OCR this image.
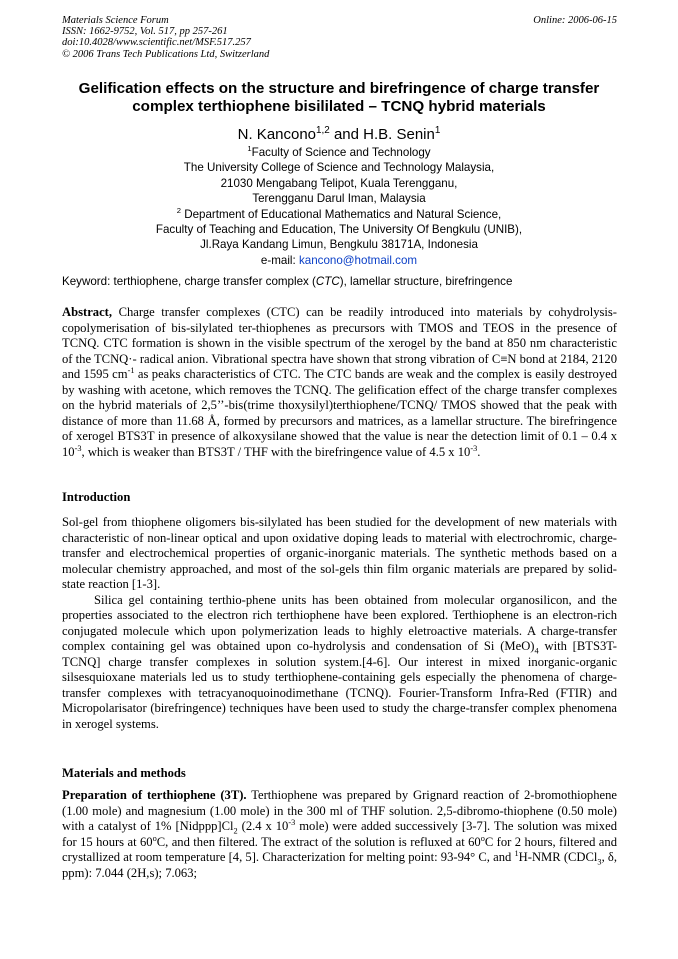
Materials Science Forum
ISSN: 1662-9752, Vol. 517, pp 257-261
doi:10.4028/www.scientific.net/MSF.517.257
© 2006 Trans Tech Publications Ltd, Switzerland
Online: 2006-06-15
Gelification effects on the structure and birefringence of charge transfer
complex terthiophene bisililated – TCNQ hybrid materials
N. Kancono$^{1,2}$ and H.B. Senin$^1$
$^1$Faculty of Science and Technology
The University College of Science and Technology Malaysia,
21030 Mengabang Telipot, Kuala Terengganu,
Terengganu Darul Iman, Malaysia
$^2$ Department of Educational Mathematics and Natural Science,
Faculty of Teaching and Education, The University Of Bengkulu (UNIB),
Jl.Raya Kandang Limun, Bengkulu 38171A, Indonesia
e-mail: kancono@hotmail.com
Keyword: terthiophene, charge transfer complex (CTC), lamellar structure, birefringence

Abstract, Charge transfer complexes (CTC) can be readily introduced into materials by cohydrolysis-copolymerisation of bis-silylated ter-thiophenes as precursors with TMOS and TEOS in the presence of TCNQ. CTC formation is shown in the visible spectrum of the xerogel by the band at 850 nm characteristic of the TCNQ·- radical anion. Vibrational spectra have shown that strong vibration of C≡N bond at 2184, 2120 and 1595 $cm^{-1}$ as peaks characteristics of CTC. The CTC bands are weak and the complex is easily destroyed by washing with acetone, which removes the TCNQ. The gelification effect of the charge transfer complexes on the hybrid materials of 2,5’’-bis(trime thoxysilyl)terthiophene/TCNQ/ TMOS showed that the peak with distance of more than 11.68 Å, formed by precursors and matrices, as a lamellar structure. The birefringence of xerogel BTS3T in presence of alkoxysilane showed that the value is near the detection limit of 0.1 – 0.4 x $10^{-3}$, which is weaker than BTS3T / THF with the birefringence value of 4.5 x $10^{-3}$.

Introduction

Sol-gel from thiophene oligomers bis-silylated has been studied for the development of new materials with characteristic of non-linear optical and upon oxidative doping leads to material with electrochromic, charge-transfer and electrochemical properties of organic-inorganic materials. The synthetic methods based on a molecular chemistry approached, and most of the sol-gels thin film organic materials are prepared by solid-state reaction [1-3].

Silica gel containing terthio-phene units has been obtained from molecular organosilicon, and the properties associated to the electron rich terthiophene have been explored. Terthiophene is an electron-rich conjugated molecule which upon polymerization leads to highly eletroactive materials. A charge-transfer complex containing gel was obtained upon co-hydrolysis and condensation of Si $(MeO)_4$ with [BTS3T-TCNQ] charge transfer complexes in solution system.[4-6]. Our interest in mixed inorganic-organic silsesquioxane materials led us to study terthiophene-containing gels especially the phenomena of charge-transfer complexes with tetracyanoquoinodimethane (TCNQ). Fourier-Transform Infra-Red (FTIR) and Micropolarisator (birefringence) techniques have been used to study the charge-transfer complex phenomena in xerogel systems.

Materials and methods

Preparation of terthiophene (3T). Terthiophene was prepared by Grignard reaction of 2-bromothiophene (1.00 mole) and magnesium (1.00 mole) in the 300 ml of THF solution. 2,5-dibromo-thiophene (0.50 mole) with a catalyst of 1% $[Nidppp]Cl_2$ (2.4 x $10^{-3}$ mole) were added successively [3-7]. The solution was mixed for 15 hours at 60$^o$C, and then filtered. The extract of the solution is refluxed at 60$^o$C for 2 hours, filtered and crystallized at room temperature [4, 5]. Characterization for melting point: 93-94° C, and $^1$H-NMR (CDCl$_3$, δ, ppm): 7.044 (2H,s); 7.063;
